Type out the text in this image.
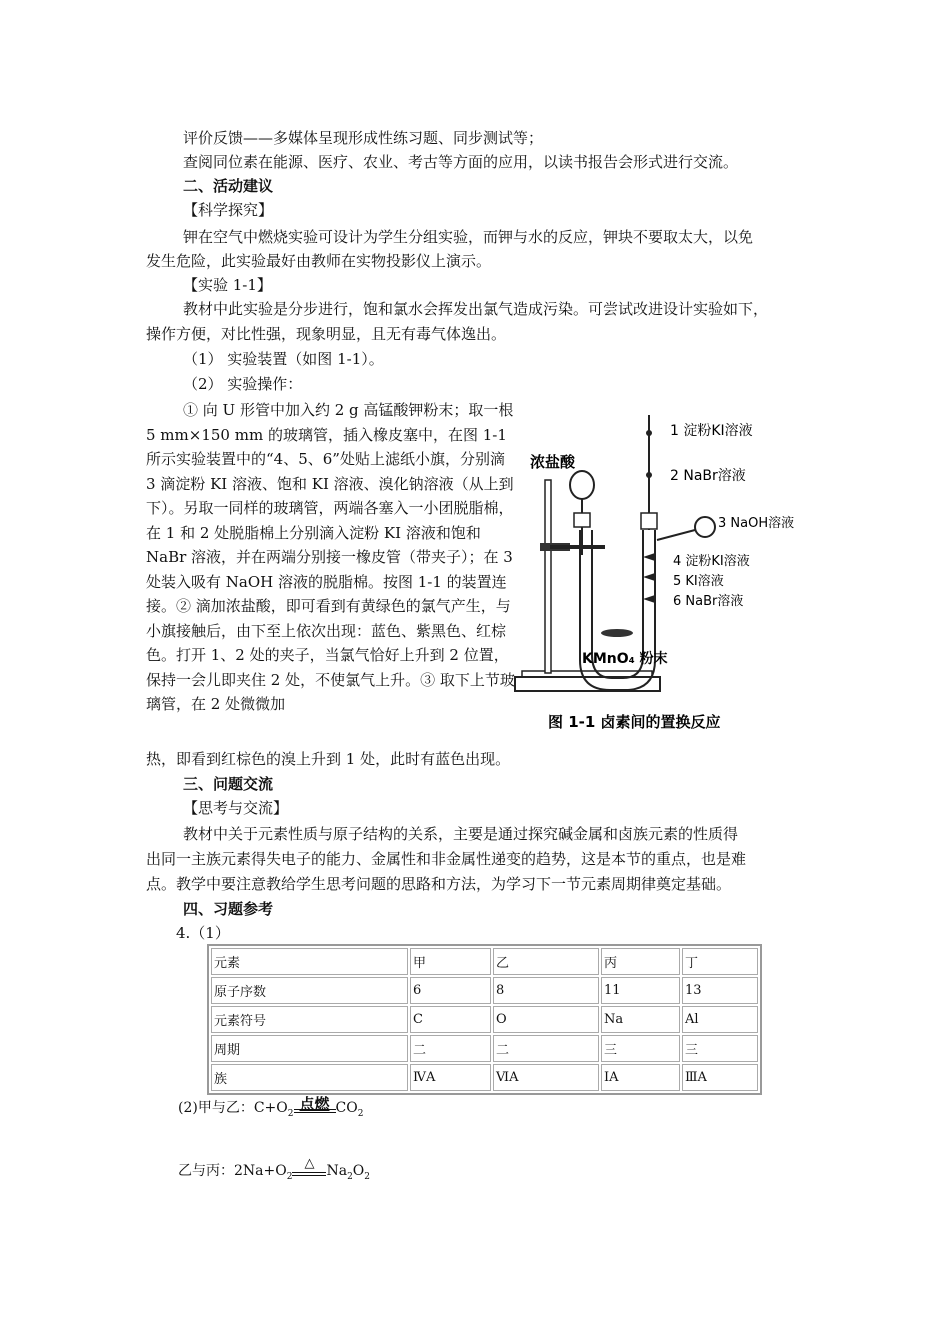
评价反馈——多媒体呈现形成性练习题、同步测试等；
查阅同位素在能源、医疗、农业、考古等方面的应用，以读书报告会形式进行交流。
二、活动建议
【科学探究】
钾在空气中燃烧实验可设计为学生分组实验，而钾与水的反应，钾块不要取太大，以免
发生危险，此实验最好由教师在实物投影仪上演示。
【实验 1-1】
教材中此实验是分步进行，饱和氯水会挥发出氯气造成污染。可尝试改进设计实验如下，
操作方便，对比性强，现象明显，且无有毒气体逸出。
（1） 实验装置（如图 1-1）。
（2） 实验操作：
① 向 U 形管中加入约 2 g 高锰酸钾粉末；取一根 5 mm×150 mm 的玻璃管，插入橡皮塞中，在图 1-1 所示实验装置中的“4、5、6”处贴上滤纸小旗，分别滴 3 滴淀粉 KI 溶液、饱和 KI 溶液、溴化钠溶液（从上到下）。另取一同样的玻璃管，两端各塞入一小团脱脂棉，在 1 和 2 处脱脂棉上分别滴入淀粉 KI 溶液和饱和 NaBr 溶液，并在两端分别接一橡皮管（带夹子）；在 3 处装入吸有 NaOH 溶液的脱脂棉。按图 1-1 的装置连接。② 滴加浓盐酸，即可看到有黄绿色的氯气产生，与小旗接触后，由下至上依次出现：蓝色、紫黑色、红棕色。打开 1、2 处的夹子，当氯气恰好上升到 2 位置，保持一会儿即夹住 2 处，不使氯气上升。③ 取下上节玻璃管，在 2 处微微加
热，即看到红棕色的溴上升到 1 处，此时有蓝色出现。
1 淀粉KI溶液
2 NaBr溶液
3 NaOH溶液
4 淀粉KI溶液
5 KI溶液
6 NaBr溶液
浓盐酸
KMnO₄ 粉末
图 1-1 卤素间的置换反应
三、问题交流
【思考与交流】
教材中关于元素性质与原子结构的关系，主要是通过探究碱金属和卤族元素的性质得
出同一主族元素得失电子的能力、金属性和非金属性递变的趋势，这是本节的重点，也是难
点。教学中要注意教给学生思考问题的思路和方法，为学习下一节元素周期律奠定基础。
四、习题参考
4.（1）
元素	甲	乙	丙	丁
原子序数	6	8	11	13
元素符号	C	O	Na	Al
周期	二	二	三	三
族	ⅣA	ⅥA	ⅠA	ⅢA
(2)甲与乙：$C+O_2$
点燃 $CO_2$
乙与丙：$2Na+O_2$
△ $Na_2O_2$
